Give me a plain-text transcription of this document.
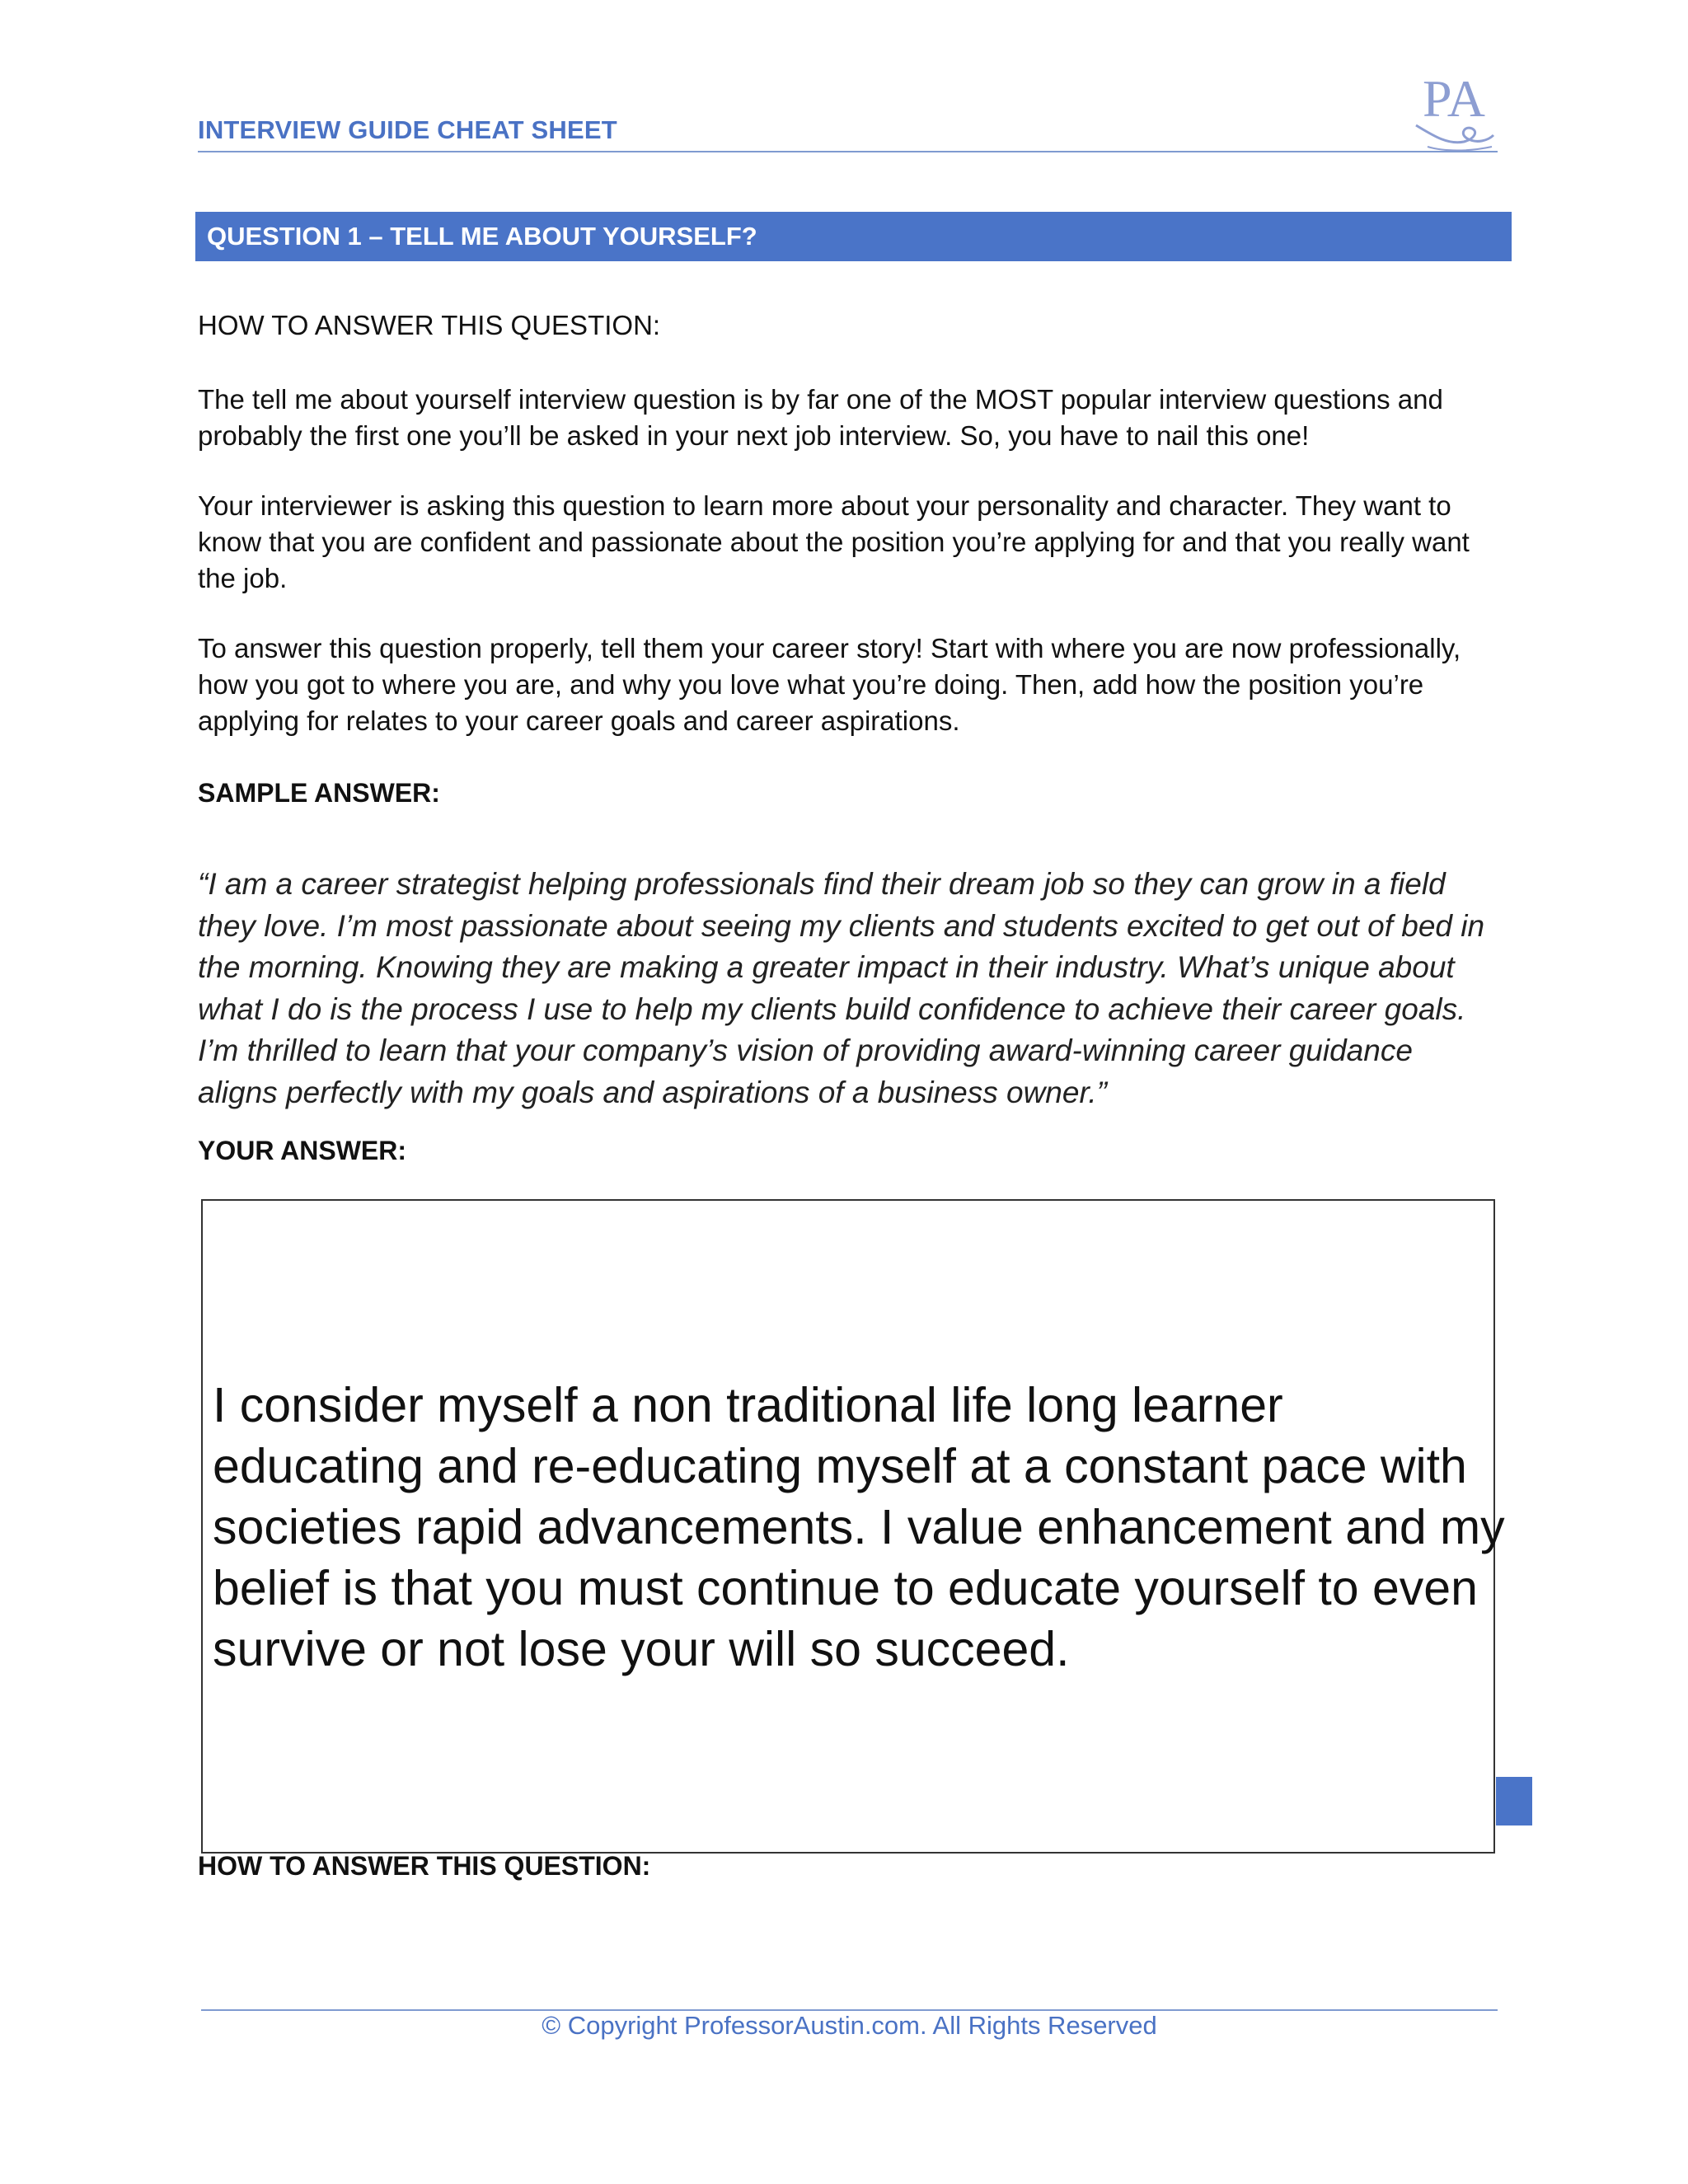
INTERVIEW GUIDE CHEAT SHEET
PA
QUESTION 1 – TELL ME ABOUT YOURSELF?
HOW TO ANSWER THIS QUESTION:
The tell me about yourself interview question is by far one of the MOST popular interview questions and probably the first one you’ll be asked in your next job interview. So, you have to nail this one!
Your interviewer is asking this question to learn more about your personality and character. They want to know that you are confident and passionate about the position you’re applying for and that you really want the job.
To answer this question properly, tell them your career story! Start with where you are now professionally, how you got to where you are, and why you love what you’re doing. Then, add how the position you’re applying for relates to your career goals and career aspirations.
SAMPLE ANSWER:
“I am a career strategist helping professionals find their dream job so they can grow in a field they love. I’m most passionate about seeing my clients and students excited to get out of bed in the morning. Knowing they are making a greater impact in their industry. What’s unique about what I do is the process I use to help my clients build confidence to achieve their career goals. I’m thrilled to learn that your company’s vision of providing award-winning career guidance aligns perfectly with my goals and aspirations of a business owner.”
YOUR ANSWER:
I consider myself a non traditional life long learner educating and re-educating myself at a constant pace with societies rapid advancements. I value enhancement and my belief is that you must continue to educate yourself to even survive or not lose your will so succeed.
HOW TO ANSWER THIS QUESTION:
© Copyright ProfessorAustin.com. All Rights Reserved
